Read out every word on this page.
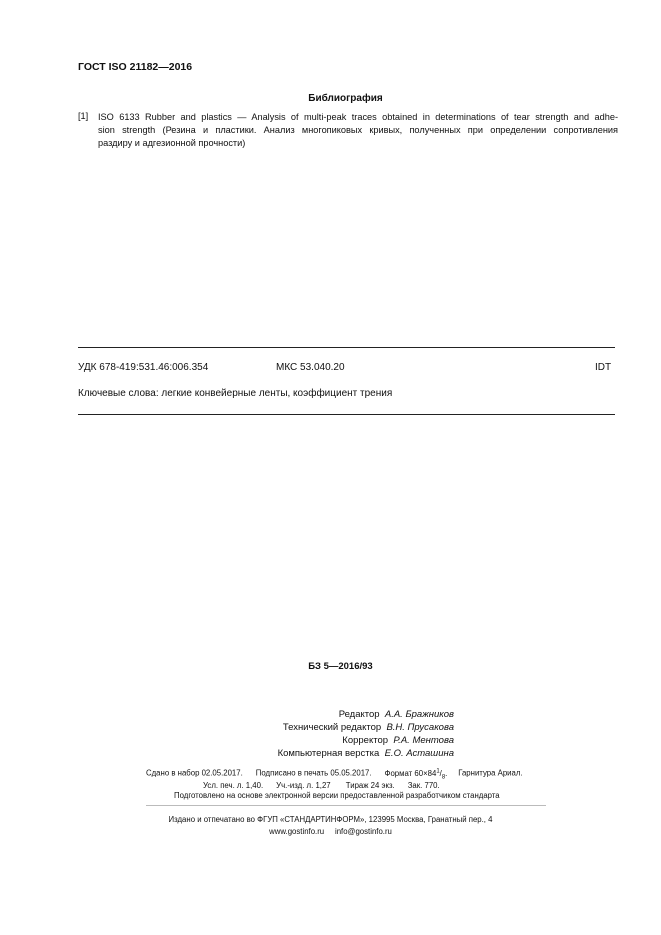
ГОСТ ISO 21182—2016
Библиография
[1] ISO 6133 Rubber and plastics — Analysis of multi-peak traces obtained in determinations of tear strength and adhe-
sion strength (Резина и пластики. Анализ многопиковых кривых, полученных при определении сопротивления
раздиру и адгезионной прочности)
УДК 678-419:531.46:006.354	МКС 53.040.20	IDT
Ключевые слова: легкие конвейерные ленты, коэффициент трения
БЗ 5—2016/93
Редактор А.А. Бражников
Технический редактор В.Н. Прусакова
Корректор Р.А. Ментова
Компьютерная верстка Е.О. Асташина
Сдано в набор 02.05.2017. Подписано в печать 05.05.2017. Формат $60\times 84^1/_8$. Гарнитура Ариал.
Усл. печ. л. 1,40. Уч.-изд. л. 1,27 Тираж 24 экз. Зак. 770.
Подготовлено на основе электронной версии предоставленной разработчиком стандарта
Издано и отпечатано во ФГУП «СТАНДАРТИНФОРМ», 123995 Москва, Гранатный пер., 4
www.gostinfo.ru info@gostinfo.ru
